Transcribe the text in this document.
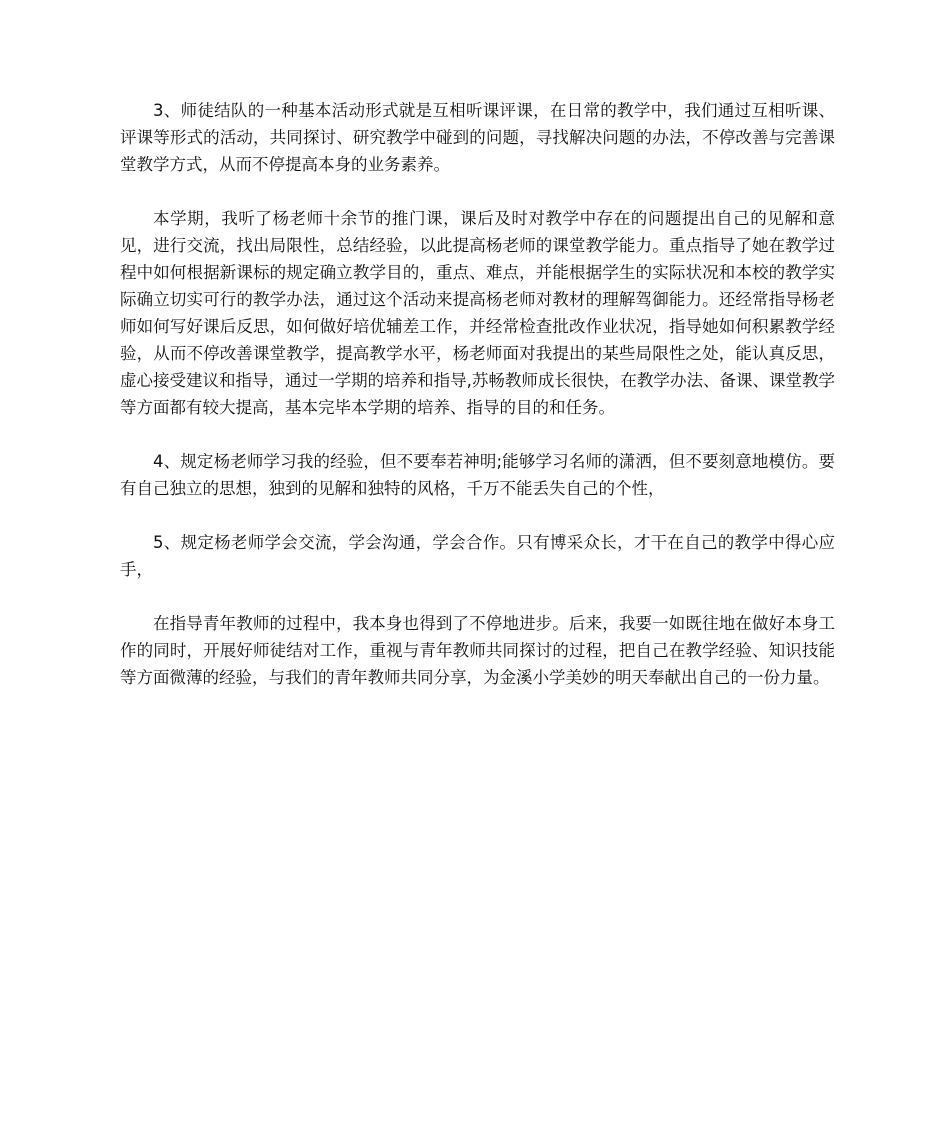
3、师徒结队的一种基本活动形式就是互相听课评课，在日常的教学中，我们通过互相听课、评课等形式的活动，共同探讨、研究教学中碰到的问题，寻找解决问题的办法，不停改善与完善课堂教学方式，从而不停提高本身的业务素养。

本学期，我听了杨老师十余节的推门课，课后及时对教学中存在的问题提出自己的见解和意见，进行交流，找出局限性，总结经验，以此提高杨老师的课堂教学能力。重点指导了她在教学过程中如何根据新课标的规定确立教学目的，重点、难点，并能根据学生的实际状况和本校的教学实际确立切实可行的教学办法，通过这个活动来提高杨老师对教材的理解驾御能力。还经常指导杨老师如何写好课后反思，如何做好培优辅差工作，并经常检查批改作业状况，指导她如何积累教学经验，从而不停改善课堂教学，提高教学水平，杨老师面对我提出的某些局限性之处，能认真反思，虚心接受建议和指导，通过一学期的培养和指导,苏畅教师成长很快，在教学办法、备课、课堂教学等方面都有较大提高，基本完毕本学期的培养、指导的目的和任务。

4、规定杨老师学习我的经验，但不要奉若神明;能够学习名师的潇洒，但不要刻意地模仿。要有自己独立的思想，独到的见解和独特的风格，千万不能丢失自己的个性，

5、规定杨老师学会交流，学会沟通，学会合作。只有博采众长，才干在自己的教学中得心应手，

在指导青年教师的过程中，我本身也得到了不停地进步。后来，我要一如既往地在做好本身工作的同时，开展好师徒结对工作，重视与青年教师共同探讨的过程，把自己在教学经验、知识技能等方面微薄的经验，与我们的青年教师共同分享，为金溪小学美妙的明天奉献出自己的一份力量。
